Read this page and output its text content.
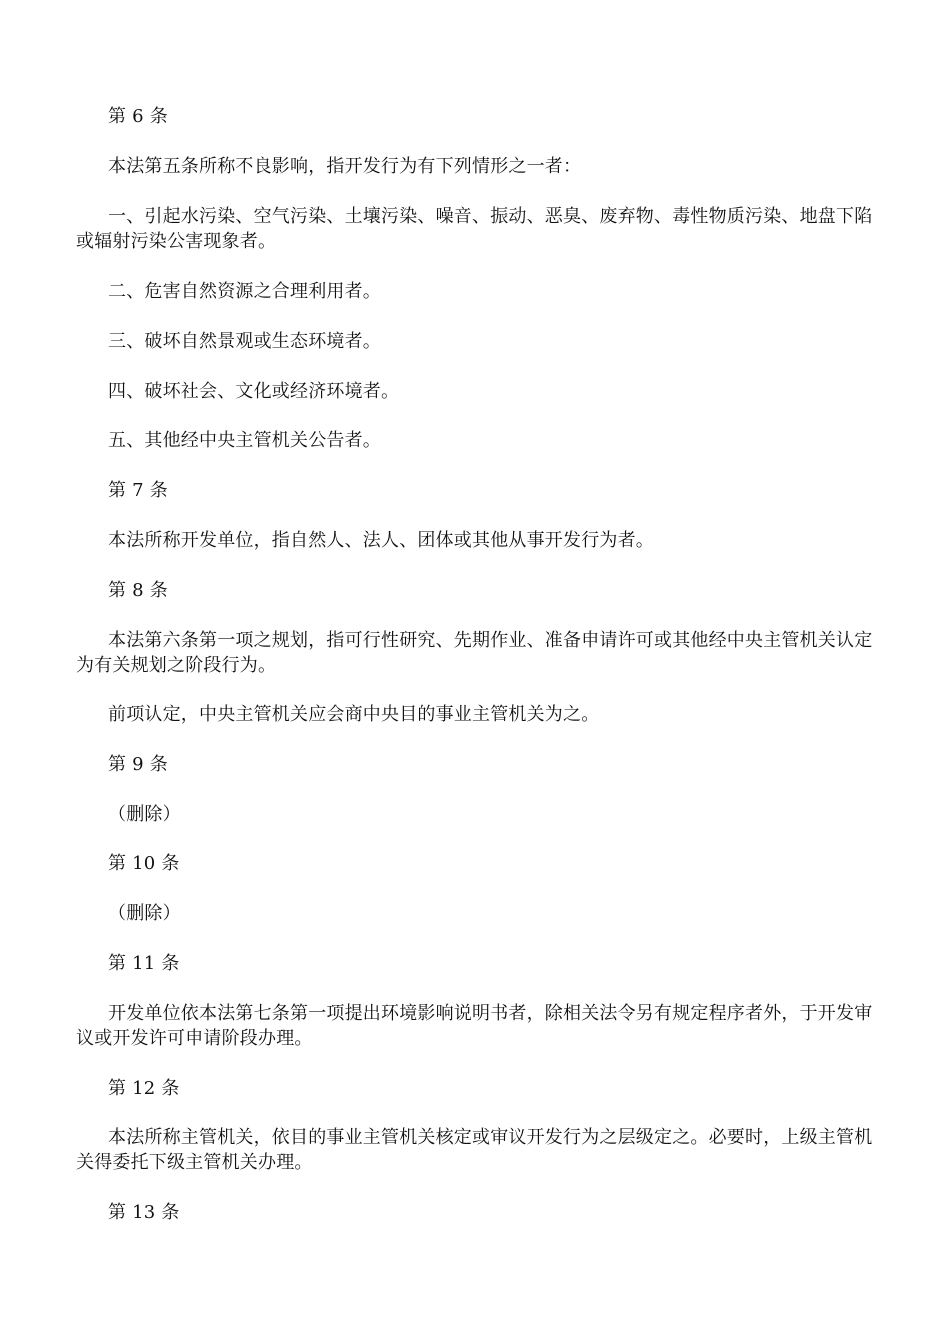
第 6 条

本法第五条所称不良影响，指开发行为有下列情形之一者：

一、引起水污染、空气污染、土壤污染、噪音、振动、恶臭、废弃物、毒性物质污染、地盘下陷或辐射污染公害现象者。

二、危害自然资源之合理利用者。

三、破坏自然景观或生态环境者。

四、破坏社会、文化或经济环境者。

五、其他经中央主管机关公告者。

第 7 条

本法所称开发单位，指自然人、法人、团体或其他从事开发行为者。

第 8 条

本法第六条第一项之规划，指可行性研究、先期作业、准备申请许可或其他经中央主管机关认定为有关规划之阶段行为。

前项认定，中央主管机关应会商中央目的事业主管机关为之。

第 9 条

（删除）

第 10 条

（删除）

第 11 条

开发单位依本法第七条第一项提出环境影响说明书者，除相关法令另有规定程序者外，于开发审议或开发许可申请阶段办理。

第 12 条

本法所称主管机关，依目的事业主管机关核定或审议开发行为之层级定之。必要时，上级主管机关得委托下级主管机关办理。

第 13 条
